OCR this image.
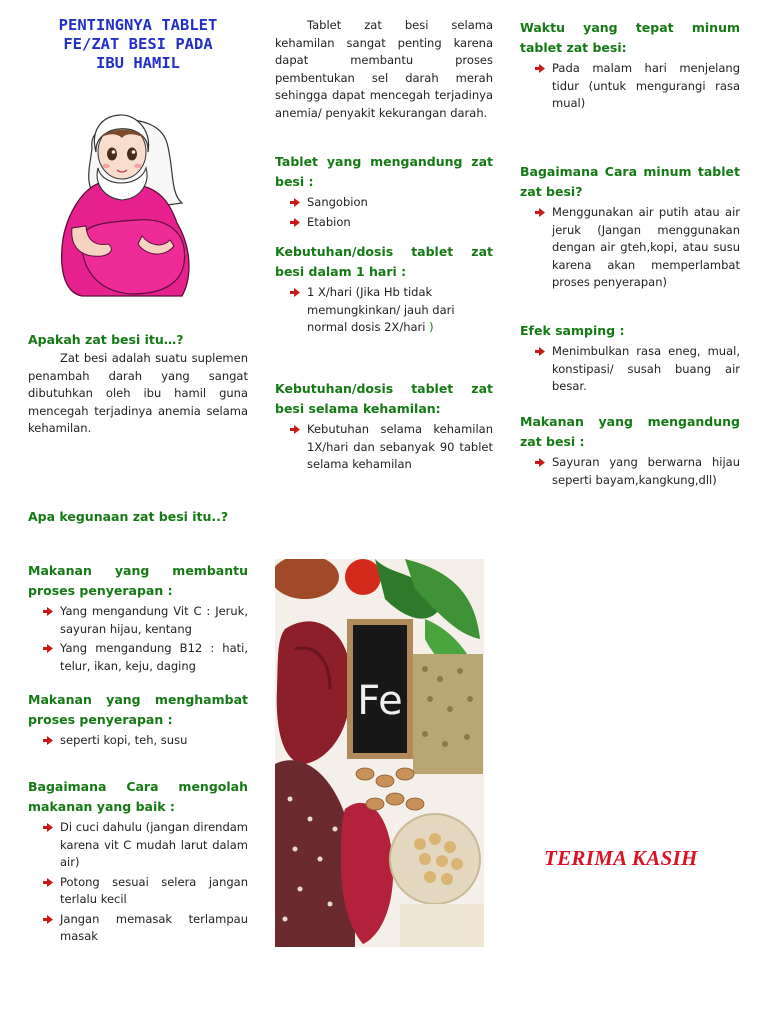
PENTINGNYA TABLET
FE/ZAT BESI PADA
IBU HAMIL
Apakah zat besi itu…?
Zat besi adalah suatu suplemen penambah darah yang sangat dibutuhkan oleh ibu hamil guna mencegah terjadinya anemia selama kehamilan.
Apa kegunaan zat besi itu..?
Makanan yang membantu proses penyerapan :
Yang mengandung Vit C : Jeruk, sayuran hijau, kentang
Yang mengandung B12 : hati, telur, ikan, keju, daging
Makanan yang menghambat proses penyerapan :
seperti kopi, teh, susu
Bagaimana Cara mengolah makanan yang baik :
Di cuci dahulu (jangan direndam karena vit C mudah larut dalam air)
Potong sesuai selera jangan terlalu kecil
Jangan memasak terlampau masak
Tablet zat besi selama kehamilan sangat penting karena dapat membantu proses pembentukan sel darah merah sehingga dapat mencegah terjadinya anemia/ penyakit kekurangan darah.
Tablet yang mengandung zat besi :
Sangobion
Etabion
Kebutuhan/dosis tablet zat besi dalam 1 hari :
1 X/hari (Jika Hb tidak memungkinkan/ jauh dari normal dosis 2X/hari )
Kebutuhan/dosis tablet zat besi selama kehamilan:
Kebutuhan selama kehamilan 1X/hari dan sebanyak 90 tablet selama kehamilan
Fe
Waktu yang tepat minum tablet zat besi:
Pada malam hari menjelang tidur (untuk mengurangi rasa mual)
Bagaimana Cara minum tablet zat besi?
Menggunakan air putih atau air jeruk (Jangan menggunakan dengan air gteh,kopi, atau susu karena akan memperlambat proses penyerapan)
Efek samping :
Menimbulkan rasa eneg, mual, konstipasi/ susah buang air besar.
Makanan yang mengandung zat besi :
Sayuran yang berwarna hijau seperti bayam,kangkung,dll)
TERIMA KASIH
